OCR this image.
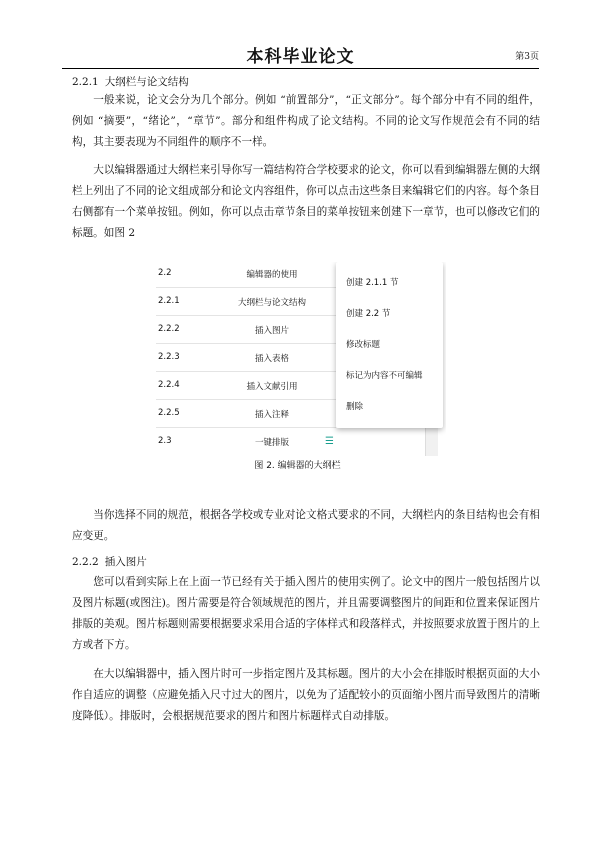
本科毕业论文	第3页
2.2.1 大纲栏与论文结构

一般来说，论文会分为几个部分。例如 “前置部分”，“正文部分”。每个部分中有不同的组件，例如 “摘要”，“绪论”，“章节”。部分和组件构成了论文结构。不同的论文写作规范会有不同的结构，其主要表现为不同组件的顺序不一样。

大以编辑器通过大纲栏来引导你写一篇结构符合学校要求的论文，你可以看到编辑器左侧的大纲栏上列出了不同的论文组成部分和论文内容组件，你可以点击这些条目来编辑它们的内容。每个条目右侧都有一个菜单按钮。例如，你可以点击章节条目的菜单按钮来创建下一章节，也可以修改它们的标题。如图 2

2.2	编辑器的使用
2.2.1	大纲栏与论文结构
2.2.2	插入图片
2.2.3	插入表格
2.2.4	插入文献引用
2.2.5	插入注释
2.3	一键排版	☰
创建 2.1.1 节
创建 2.2 节
修改标题
标记为内容不可编辑
删除
图 2. 编辑器的大纲栏

当你选择不同的规范，根据各学校或专业对论文格式要求的不同，大纲栏内的条目结构也会有相应变更。

2.2.2 插入图片

您可以看到实际上在上面一节已经有关于插入图片的使用实例了。论文中的图片一般包括图片以及图片标题(或图注)。图片需要是符合领域规范的图片，并且需要调整图片的间距和位置来保证图片排版的美观。图片标题则需要根据要求采用合适的字体样式和段落样式，并按照要求放置于图片的上方或者下方。

在大以编辑器中，插入图片时可一步指定图片及其标题。图片的大小会在排版时根据页面的大小作自适应的调整（应避免插入尺寸过大的图片，以免为了适配较小的页面缩小图片而导致图片的清晰度降低）。排版时，会根据规范要求的图片和图片标题样式自动排版。
